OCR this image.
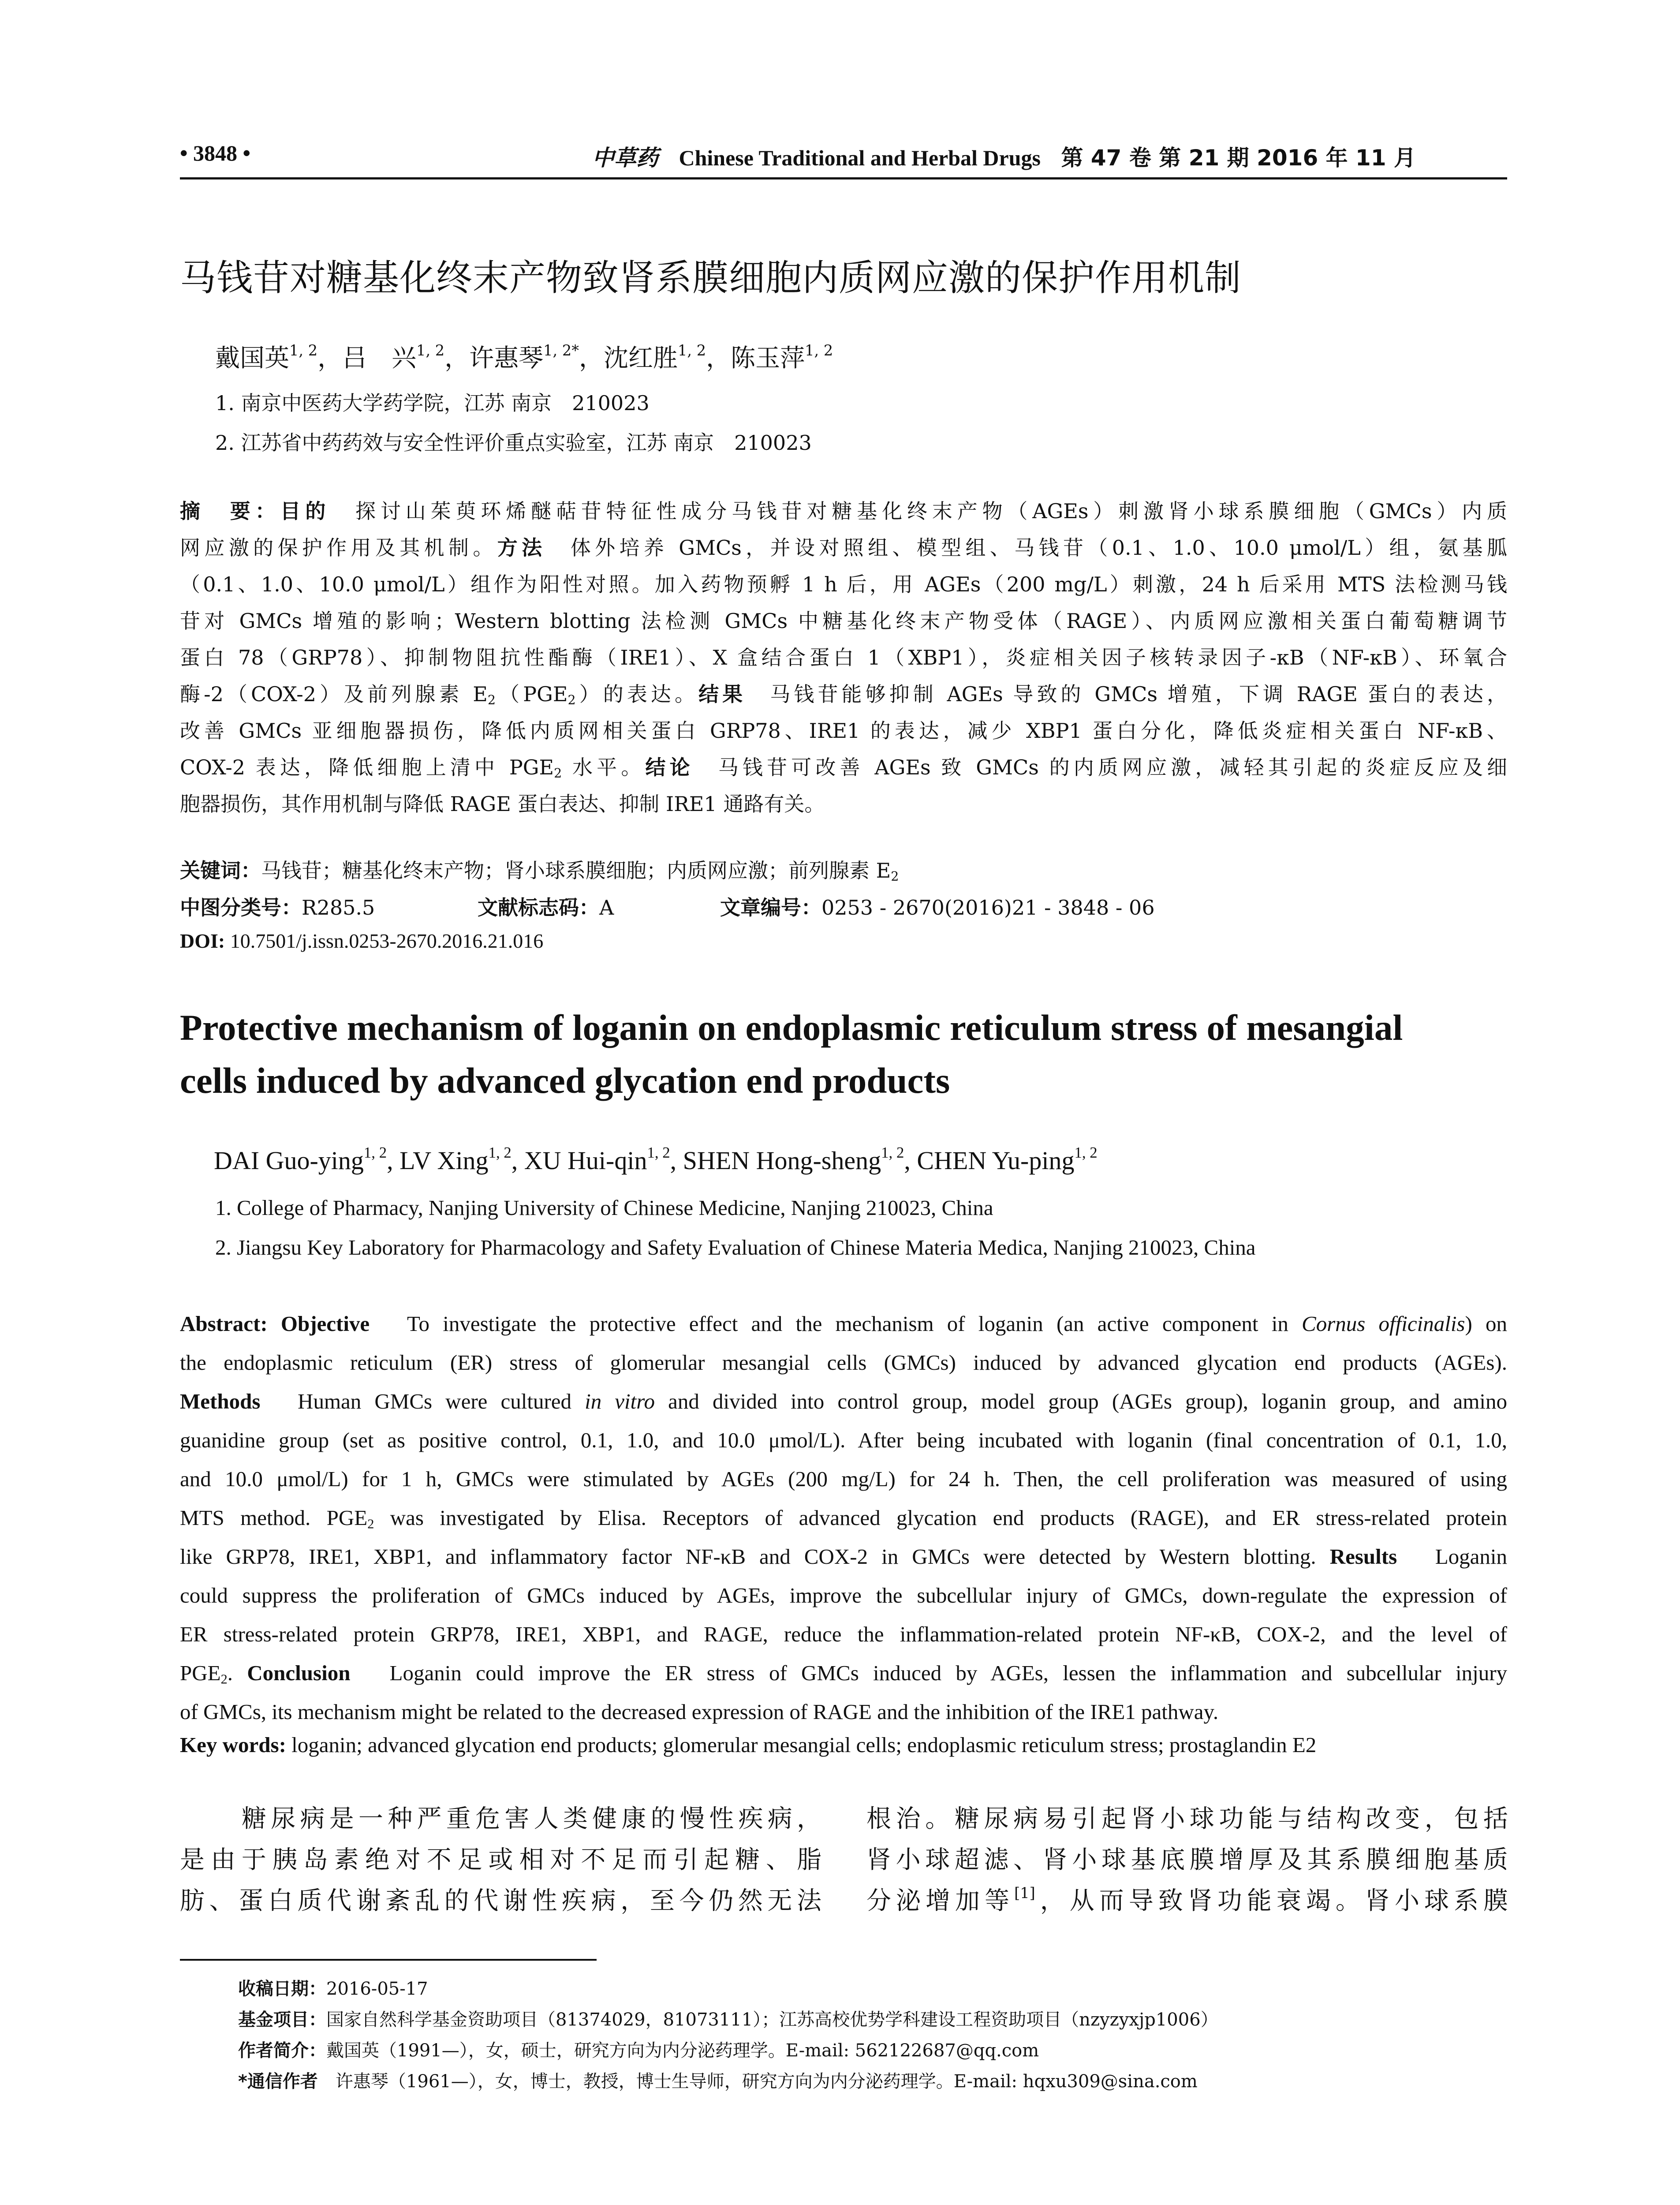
• 3848 •	中草药 Chinese Traditional and Herbal Drugs 第 47 卷 第 21 期 2016 年 11 月
马钱苷对糖基化终末产物致肾系膜细胞内质网应激的保护作用机制
戴国英$^{1, 2}$，吕　兴$^{1, 2}$，许惠琴$^{1, 2*}$，沈红胜$^{1, 2}$，陈玉萍$^{1, 2}$
1. 南京中医药大学药学院，江苏 南京　210023
2. 江苏省中药药效与安全性评价重点实验室，江苏 南京　210023
摘　要：目的　探讨山茱萸环烯醚萜苷特征性成分马钱苷对糖基化终末产物（AGEs）刺激肾小球系膜细胞（GMCs）内质
网应激的保护作用及其机制。方法　体外培养 GMCs，并设对照组、模型组、马钱苷（0.1、1.0、10.0 μmol/L）组，氨基胍
（0.1、1.0、10.0 μmol/L）组作为阳性对照。加入药物预孵 1 h 后，用 AGEs（200 mg/L）刺激，24 h 后采用 MTS 法检测马钱
苷对 GMCs 增殖的影响；Western blotting 法检测 GMCs 中糖基化终末产物受体（RAGE）、内质网应激相关蛋白葡萄糖调节
蛋白 78（GRP78）、抑制物阻抗性酯酶（IRE1）、X 盒结合蛋白 1（XBP1），炎症相关因子核转录因子-κB（NF-κB）、环氧合
酶-2（COX-2）及前列腺素 $E_2(PGE_2)$的表达。结果　马钱苷能够抑制 AGEs 导致的 GMCs 增殖，下调 RAGE 蛋白的表达，
改善 GMCs 亚细胞器损伤，降低内质网相关蛋白 GRP78、IRE1 的表达，减少 XBP1 蛋白分化，降低炎症相关蛋白 NF-κB、
COX-2 表达，降低细胞上清中 $PGE_2$ 水平。结论　马钱苷可改善 AGEs 致 GMCs 的内质网应激，减轻其引起的炎症反应及细
胞器损伤，其作用机制与降低 RAGE 蛋白表达、抑制 IRE1 通路有关。
关键词：马钱苷；糖基化终末产物；肾小球系膜细胞；内质网应激；前列腺素 $E_2$
中图分类号：R285.5	文献标志码：A	文章编号：0253 - 2670(2016)21 - 3848 - 06
DOI: 10.7501/j.issn.0253-2670.2016.21.016
Protective mechanism of loganin on endoplasmic reticulum stress of mesangial
cells induced by advanced glycation end products
DAI Guo-ying$^{1, 2}$, LV Xing$^{1, 2}$, XU Hui-qin$^{1, 2}$, SHEN Hong-sheng$^{1, 2}$, CHEN Yu-ping$^{1, 2}$
1. College of Pharmacy, Nanjing University of Chinese Medicine, Nanjing 210023, China
2. Jiangsu Key Laboratory for Pharmacology and Safety Evaluation of Chinese Materia Medica, Nanjing 210023, China
Abstract: Objective　To investigate the protective effect and the mechanism of loganin (an active component in Cornus officinalis) on
the endoplasmic reticulum (ER) stress of glomerular mesangial cells (GMCs) induced by advanced glycation end products (AGEs).
Methods　Human GMCs were cultured in vitro and divided into control group, model group (AGEs group), loganin group, and amino
guanidine group (set as positive control, 0.1, 1.0, and 10.0 μmol/L). After being incubated with loganin (final concentration of 0.1, 1.0,
and 10.0 μmol/L) for 1 h, GMCs were stimulated by AGEs (200 mg/L) for 24 h. Then, the cell proliferation was measured of using
MTS method. $PGE_2$ was investigated by Elisa. Receptors of advanced glycation end products (RAGE), and ER stress-related protein
like GRP78, IRE1, XBP1, and inflammatory factor NF-κB and COX-2 in GMCs were detected by Western blotting. Results　Loganin
could suppress the proliferation of GMCs induced by AGEs, improve the subcellular injury of GMCs, down-regulate the expression of
ER stress-related protein GRP78, IRE1, XBP1, and RAGE, reduce the inflammation-related protein NF-κB, COX-2, and the level of
$PGE_2$. Conclusion　Loganin could improve the ER stress of GMCs induced by AGEs, lessen the inflammation and subcellular injury
of GMCs, its mechanism might be related to the decreased expression of RAGE and the inhibition of the IRE1 pathway.
Key words: loganin; advanced glycation end products; glomerular mesangial cells; endoplasmic reticulum stress; prostaglandin E2
糖尿病是一种严重危害人类健康的慢性疾病，
是由于胰岛素绝对不足或相对不足而引起糖、脂
肪、蛋白质代谢紊乱的代谢性疾病，至今仍然无法
根治。糖尿病易引起肾小球功能与结构改变，包括
肾小球超滤、肾小球基底膜增厚及其系膜细胞基质
分泌增加等[1]，从而导致肾功能衰竭。肾小球系膜
收稿日期：2016-05-17
基金项目：国家自然科学基金资助项目（81374029，81073111）；江苏高校优势学科建设工程资助项目（nzyzyxjp1006）
作者简介：戴国英（1991—），女，硕士，研究方向为内分泌药理学。E-mail: 562122687@qq.com
*通信作者　许惠琴（1961—），女，博士，教授，博士生导师，研究方向为内分泌药理学。E-mail: hqxu309@sina.com
